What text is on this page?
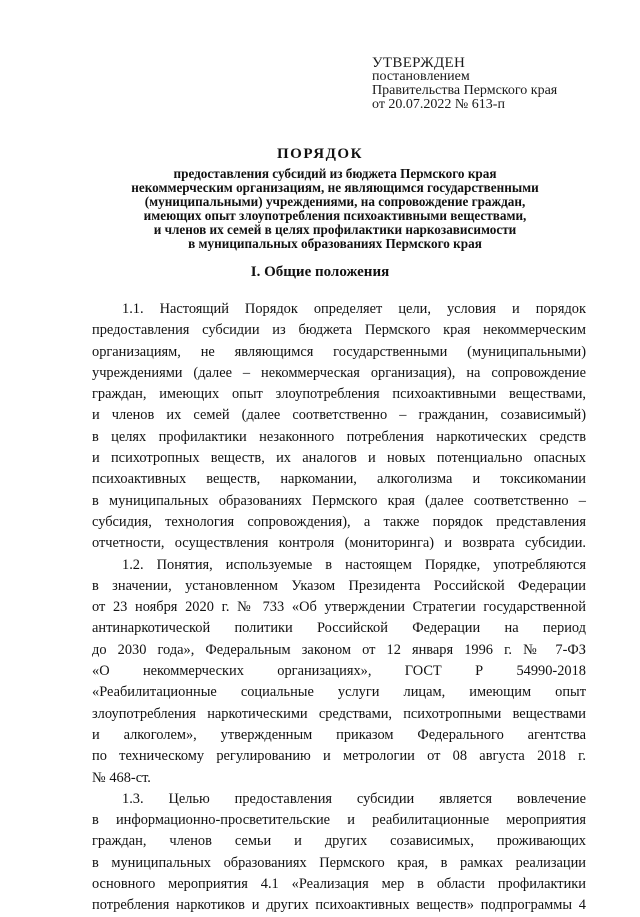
УТВЕРЖДЕН
постановлением
Правительства Пермского края
от 20.07.2022 № 613-п
ПОРЯДОК
предоставления субсидий из бюджета Пермского края
некоммерческим организациям, не являющимся государственными
(муниципальными) учреждениями, на сопровождение граждан,
имеющих опыт злоупотребления психоактивными веществами,
и членов их семей в целях профилактики наркозависимости
в муниципальных образованиях Пермского края
I. Общие положения

1.1. Настоящий Порядок определяет цели, условия и порядок
предоставления субсидии из бюджета Пермского края некоммерческим
организациям, не являющимся государственными (муниципальными)
учреждениями (далее – некоммерческая организация), на сопровождение
граждан, имеющих опыт злоупотребления психоактивными веществами,
и членов их семей (далее соответственно – гражданин, созависимый)
в целях профилактики незаконного потребления наркотических средств
и психотропных веществ, их аналогов и новых потенциально опасных
психоактивных веществ, наркомании, алкоголизма и токсикомании
в муниципальных образованиях Пермского края (далее соответственно –
субсидия, технология сопровождения), а также порядок представления
отчетности, осуществления контроля (мониторинга) и возврата субсидии.

1.2. Понятия, используемые в настоящем Порядке, употребляются
в значении, установленном Указом Президента Российской Федерации
от 23 ноября 2020 г. № 733 «Об утверждении Стратегии государственной
антинаркотической политики Российской Федерации на период
до 2030 года», Федеральным законом от 12 января 1996 г. № 7-ФЗ
«О некоммерческих организациях», ГОСТ Р 54990-2018
«Реабилитационные социальные услуги лицам, имеющим опыт
злоупотребления наркотическими средствами, психотропными веществами
и алкоголем», утвержденным приказом Федерального агентства
по техническому регулированию и метрологии от 08 августа 2018 г.
№ 468-ст.

1.3. Целью предоставления субсидии является вовлечение
в информационно-просветительские и реабилитационные мероприятия
граждан, членов семьи и других созависимых, проживающих
в муниципальных образованиях Пермского края, в рамках реализации
основного мероприятия 4.1 «Реализация мер в области профилактики
потребления наркотиков и других психоактивных веществ» подпрограммы 4
